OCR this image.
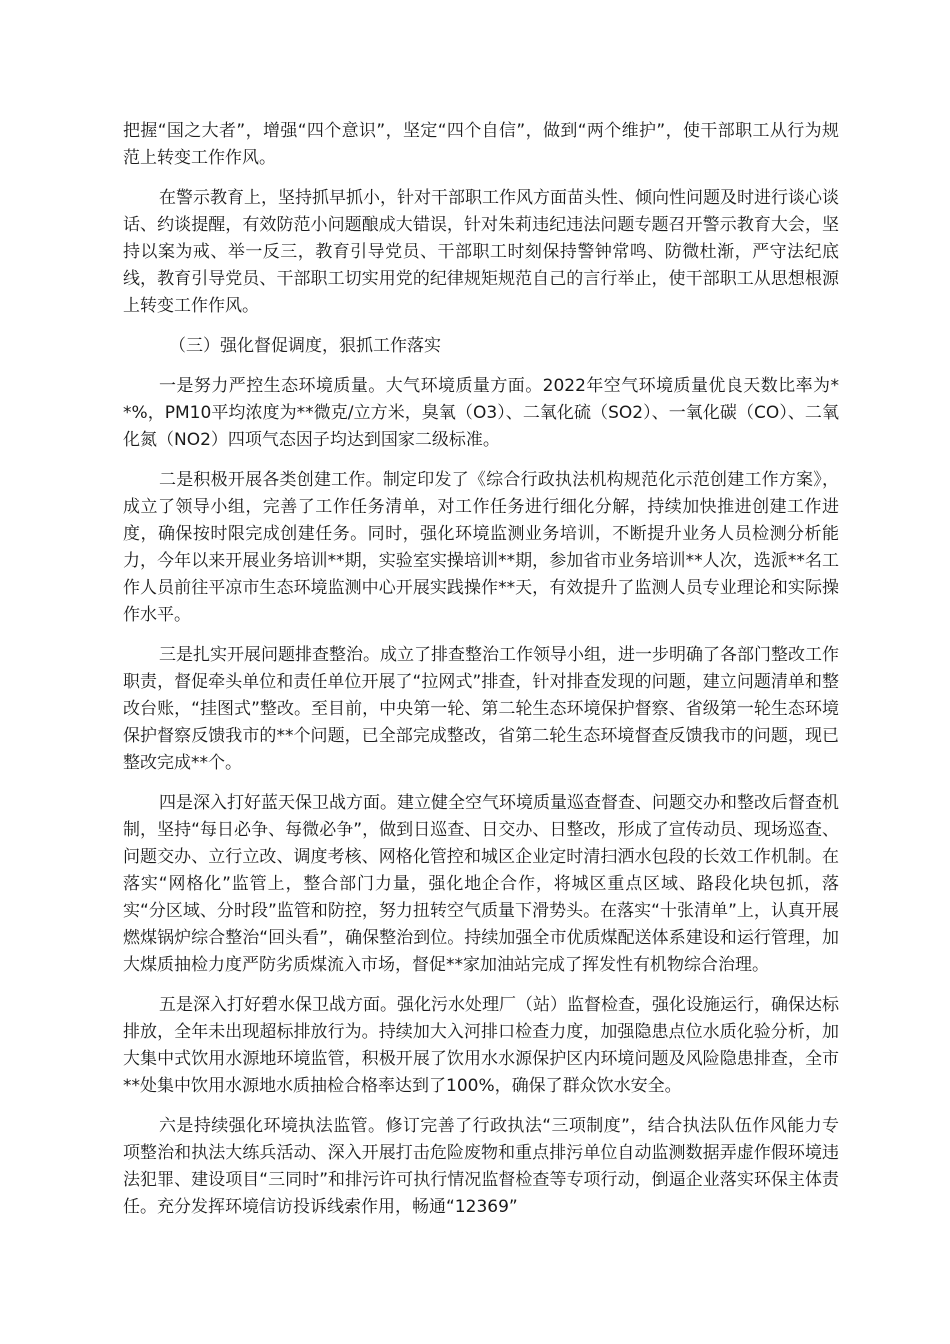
把握“国之大者”，增强“四个意识”，坚定“四个自信”，做到“两个维护”，使干部职工从行为规范上转变工作作风。

在警示教育上，坚持抓早抓小，针对干部职工作风方面苗头性、倾向性问题及时进行谈心谈话、约谈提醒，有效防范小问题酿成大错误，针对朱莉违纪违法问题专题召开警示教育大会，坚持以案为戒、举一反三，教育引导党员、干部职工时刻保持警钟常鸣、防微杜渐，严守法纪底线，教育引导党员、干部职工切实用党的纪律规矩规范自己的言行举止，使干部职工从思想根源上转变工作作风。

（三）强化督促调度，狠抓工作落实

一是努力严控生态环境质量。大气环境质量方面。2022年空气环境质量优良天数比率为**%，PM10平均浓度为**微克/立方米，臭氧（O3）、二氧化硫（SO2）、一氧化碳（CO）、二氧化氮（NO2）四项气态因子均达到国家二级标准。

二是积极开展各类创建工作。制定印发了《综合行政执法机构规范化示范创建工作方案》，成立了领导小组，完善了工作任务清单，对工作任务进行细化分解，持续加快推进创建工作进度，确保按时限完成创建任务。同时，强化环境监测业务培训，不断提升业务人员检测分析能力，今年以来开展业务培训**期，实验室实操培训**期，参加省市业务培训**人次，选派**名工作人员前往平凉市生态环境监测中心开展实践操作**天，有效提升了监测人员专业理论和实际操作水平。

三是扎实开展问题排查整治。成立了排查整治工作领导小组，进一步明确了各部门整改工作职责，督促牵头单位和责任单位开展了“拉网式”排查，针对排查发现的问题，建立问题清单和整改台账，“挂图式”整改。至目前，中央第一轮、第二轮生态环境保护督察、省级第一轮生态环境保护督察反馈我市的**个问题，已全部完成整改，省第二轮生态环境督查反馈我市的问题，现已整改完成**个。

四是深入打好蓝天保卫战方面。建立健全空气环境质量巡查督查、问题交办和整改后督查机制，坚持“每日必争、每微必争”，做到日巡查、日交办、日整改，形成了宣传动员、现场巡查、问题交办、立行立改、调度考核、网格化管控和城区企业定时清扫洒水包段的长效工作机制。在落实“网格化”监管上，整合部门力量，强化地企合作，将城区重点区域、路段化块包抓，落实“分区域、分时段”监管和防控，努力扭转空气质量下滑势头。在落实“十张清单”上，认真开展燃煤锅炉综合整治“回头看”，确保整治到位。持续加强全市优质煤配送体系建设和运行管理，加大煤质抽检力度严防劣质煤流入市场，督促**家加油站完成了挥发性有机物综合治理。

五是深入打好碧水保卫战方面。强化污水处理厂（站）监督检查，强化设施运行，确保达标排放，全年未出现超标排放行为。持续加大入河排口检查力度，加强隐患点位水质化验分析，加大集中式饮用水源地环境监管，积极开展了饮用水水源保护区内环境问题及风险隐患排查，全市**处集中饮用水源地水质抽检合格率达到了100%，确保了群众饮水安全。

六是持续强化环境执法监管。修订完善了行政执法“三项制度”，结合执法队伍作风能力专项整治和执法大练兵活动、深入开展打击危险废物和重点排污单位自动监测数据弄虚作假环境违法犯罪、建设项目“三同时”和排污许可执行情况监督检查等专项行动，倒逼企业落实环保主体责任。充分发挥环境信访投诉线索作用，畅通“12369”
